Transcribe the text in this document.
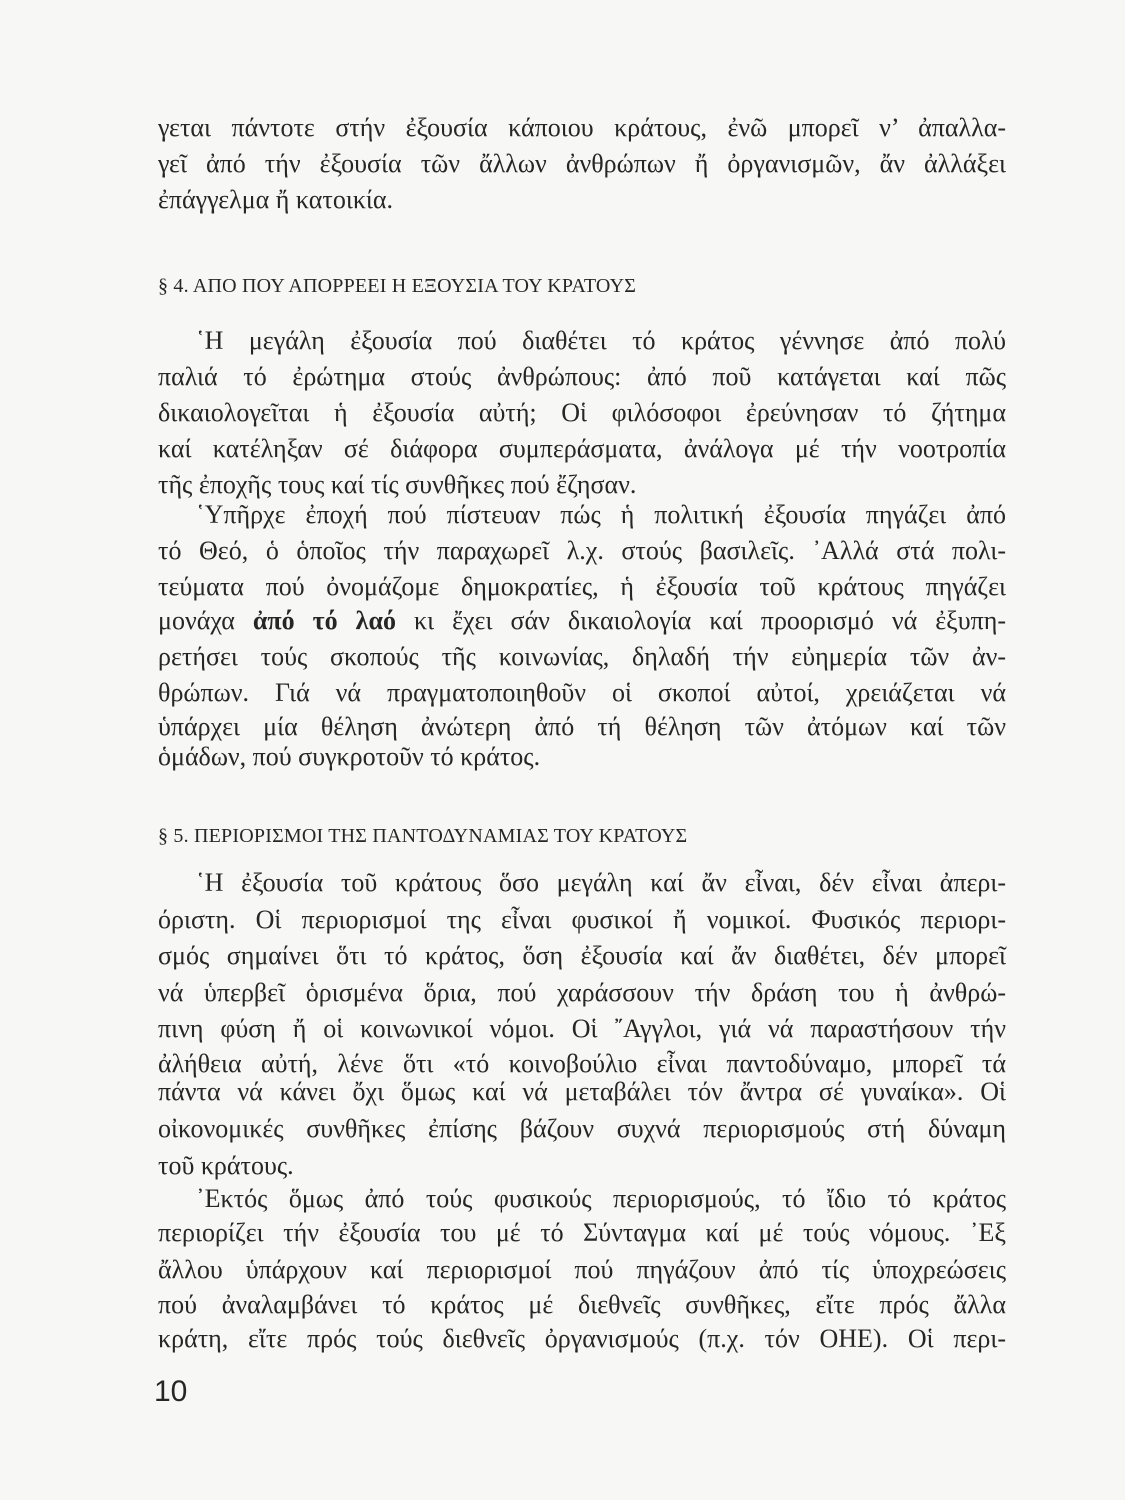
γεται πάντοτε στήν ἐξουσία κάποιου κράτους, ἐνῶ μπορεῖ ν’ ἀπαλλα-
γεῖ ἀπό τήν ἐξουσία τῶν ἄλλων ἀνθρώπων ἤ ὀργανισμῶν, ἄν ἀλλάξει
ἐπάγγελμα ἤ κατοικία.
§ 4. ΑΠΟ ΠΟΥ ΑΠΟΡΡΕΕΙ Η ΕΞΟΥΣΙΑ ΤΟΥ ΚΡΑΤΟΥΣ
῾Η μεγάλη ἐξουσία πού διαθέτει τό κράτος γέννησε ἀπό πολύ
παλιά τό ἐρώτημα στούς ἀνθρώπους: ἀπό ποῦ κατάγεται καί πῶς
δικαιολογεῖται ἡ ἐξουσία αὐτή; Οἱ φιλόσοφοι ἐρεύνησαν τό ζήτημα
καί κατέληξαν σέ διάφορα συμπεράσματα, ἀνάλογα μέ τήν νοοτροπία
τῆς ἐποχῆς τους καί τίς συνθῆκες πού ἔζησαν.
῾Υπῆρχε ἐποχή πού πίστευαν πώς ἡ πολιτική ἐξουσία πηγάζει ἀπό
τό Θεό, ὁ ὁποῖος τήν παραχωρεῖ λ.χ. στούς βασιλεῖς. ᾿Αλλά στά πολι-
τεύματα πού ὀνομάζομε δημοκρατίες, ἡ ἐξουσία τοῦ κράτους πηγάζει
μονάχα ἀπό τό λαό κι ἔχει σάν δικαιολογία καί προορισμό νά ἐξυπη-
ρετήσει τούς σκοπούς τῆς κοινωνίας, δηλαδή τήν εὐημερία τῶν ἀν-
θρώπων. Γιά νά πραγματοποιηθοῦν οἱ σκοποί αὐτοί, χρειάζεται νά
ὑπάρχει μία θέληση ἀνώτερη ἀπό τή θέληση τῶν ἀτόμων καί τῶν
ὁμάδων, πού συγκροτοῦν τό κράτος.
§ 5. ΠΕΡΙΟΡΙΣΜΟΙ ΤΗΣ ΠΑΝΤΟΔΥΝΑΜΙΑΣ ΤΟΥ ΚΡΑΤΟΥΣ
῾Η ἐξουσία τοῦ κράτους ὅσο μεγάλη καί ἄν εἶναι, δέν εἶναι ἀπερι-
όριστη. Οἱ περιορισμοί της εἶναι φυσικοί ἤ νομικοί. Φυσικός περιορι-
σμός σημαίνει ὅτι τό κράτος, ὅση ἐξουσία καί ἄν διαθέτει, δέν μπορεῖ
νά ὑπερβεῖ ὁρισμένα ὅρια, πού χαράσσουν τήν δράση του ἡ ἀνθρώ-
πινη φύση ἤ οἱ κοινωνικοί νόμοι. Οἱ ῎Αγγλοι, γιά νά παραστήσουν τήν
ἀλήθεια αὐτή, λένε ὅτι «τό κοινοβούλιο εἶναι παντοδύναμο, μπορεῖ τά
πάντα νά κάνει ὄχι ὅμως καί νά μεταβάλει τόν ἄντρα σέ γυναίκα». Οἱ
οἰκονομικές συνθῆκες ἐπίσης βάζουν συχνά περιορισμούς στή δύναμη
τοῦ κράτους.
᾿Εκτός ὅμως ἀπό τούς φυσικούς περιορισμούς, τό ἴδιο τό κράτος
περιορίζει τήν ἐξουσία του μέ τό Σύνταγμα καί μέ τούς νόμους. ᾿Εξ
ἄλλου ὑπάρχουν καί περιορισμοί πού πηγάζουν ἀπό τίς ὑποχρεώσεις
πού ἀναλαμβάνει τό κράτος μέ διεθνεῖς συνθῆκες, εἴτε πρός ἄλλα
κράτη, εἴτε πρός τούς διεθνεῖς ὀργανισμούς (π.χ. τόν ΟΗΕ). Οἱ περι-
10
